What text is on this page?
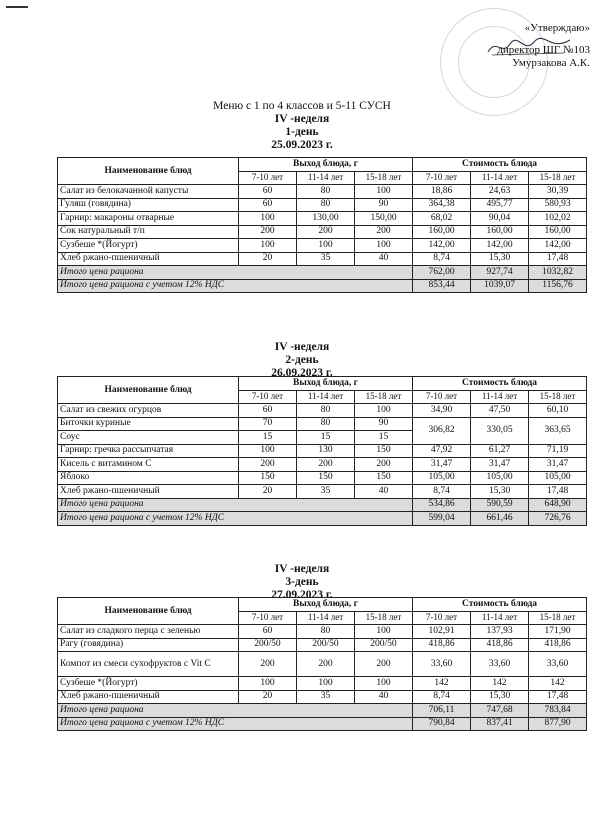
«Утверждаю»
директор ШГ №103
Умурзакова А.К.
Меню с 1 по 4 классов и 5-11 СУСН
IV -неделя
1-день
25.09.2023 г.
Наименование блюд	Выход блюда, г			Стоимость блюда		
	7-10 лет	11-14 лет	15-18 лет	7-10 лет	11-14 лет	15-18 лет
Салат из белокачанной капусты	60	80	100	18,86	24,63	30,39
Гуляш (говядина)	60	80	90	364,38	495,77	580,93
Гарнир: макароны отварные	100	130,00	150,00	68,02	90,04	102,02
Сок натуральный т/п	200	200	200	160,00	160,00	160,00
Сузбеше *(Йогурт)	100	100	100	142,00	142,00	142,00
Хлеб ржано-пшеничный	20	35	40	8,74	15,30	17,48
Итого цена рациона				762,00	927,74	1032,82
Итого цена рациона с учетом 12% НДС				853,44	1039,07	1156,76
IV -неделя
2-день
26.09.2023 г.
Наименование блюд	Выход блюда, г			Стоимость блюда		
	7-10 лет	11-14 лет	15-18 лет	7-10 лет	11-14 лет	15-18 лет
Салат из свежих огурцов	60	80	100	34,90	47,50	60,10
Биточки куриные	70	80	90	306,82	330,05	363,65
Соус	15	15	15			
Гарнир: гречка рассыпчатая	100	130	150	47,92	61,27	71,19
Кисель с витамином С	200	200	200	31,47	31,47	31,47
Яблоко	150	150	150	105,00	105,00	105,00
Хлеб ржано-пшеничный	20	35	40	8,74	15,30	17,48
Итого цена рациона				534,86	590,59	648,90
Итого цена рациона с учетом 12% НДС				599,04	661,46	726,76
IV -неделя
3-день
27.09.2023 г.
Наименование блюд	Выход блюда, г			Стоимость блюда		
	7-10 лет	11-14 лет	15-18 лет	7-10 лет	11-14 лет	15-18 лет
Салат из сладкого перца с зеленью	60	80	100	102,91	137,93	171,90
Рагу (говядина)	200/50	200/50	200/50	418,86	418,86	418,86
Компот из смеси сухофруктов с Vit С	200	200	200	33,60	33,60	33,60
Сузбеше *(Йогурт)	100	100	100	142	142	142
Хлеб ржано-пшеничный	20	35	40	8,74	15,30	17,48
Итого цена рациона				706,11	747,68	783,84
Итого цена рациона с учетом 12% НДС				790,84	837,41	877,90
